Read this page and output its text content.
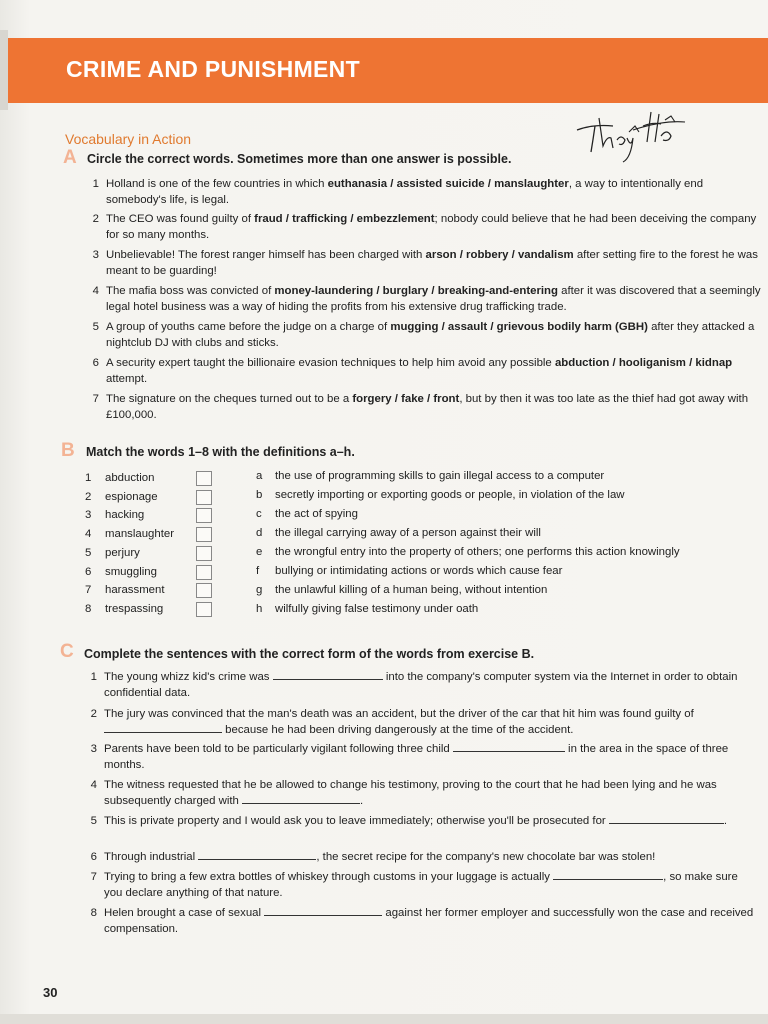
CRIME AND PUNISHMENT
Vocabulary in Action
A Circle the correct words. Sometimes more than one answer is possible.
1 Holland is one of the few countries in which euthanasia / assisted suicide / manslaughter, a way to intentionally end somebody's life, is legal.
2 The CEO was found guilty of fraud / trafficking / embezzlement; nobody could believe that he had been deceiving the company for so many months.
3 Unbelievable! The forest ranger himself has been charged with arson / robbery / vandalism after setting fire to the forest he was meant to be guarding!
4 The mafia boss was convicted of money-laundering / burglary / breaking-and-entering after it was discovered that a seemingly legal hotel business was a way of hiding the profits from his extensive drug trafficking trade.
5 A group of youths came before the judge on a charge of mugging / assault / grievous bodily harm (GBH) after they attacked a nightclub DJ with clubs and sticks.
6 A security expert taught the billionaire evasion techniques to help him avoid any possible abduction / hooliganism / kidnap attempt.
7 The signature on the cheques turned out to be a forgery / fake / front, but by then it was too late as the thief had got away with £100,000.
B Match the words 1–8 with the definitions a–h.
1	abduction
2	espionage
3	hacking
4	manslaughter
5	perjury
6	smuggling
7	harassment
8	trespassing
a	the use of programming skills to gain illegal access to a computer
b	secretly importing or exporting goods or people, in violation of the law
c	the act of spying
d	the illegal carrying away of a person against their will
e	the wrongful entry into the property of others; one performs this action knowingly
f	bullying or intimidating actions or words which cause fear
g	the unlawful killing of a human being, without intention
h	wilfully giving false testimony under oath
C Complete the sentences with the correct form of the words from exercise B.
1 The young whizz kid's crime was	into the company's computer system via the Internet in order to obtain confidential data.
2 The jury was convinced that the man's death was an accident, but the driver of the car that hit him was found guilty of  because he had been driving dangerously at the time of the accident.
3 Parents have been told to be particularly vigilant following three child	in the area in the space of three months.
4 The witness requested that he be allowed to change his testimony, proving to the court that he had been lying and he was subsequently charged with	.
5 This is private property and I would ask you to leave immediately; otherwise you'll be prosecuted for	.
6 Through industrial	, the secret recipe for the company's new chocolate bar was stolen!
7 Trying to bring a few extra bottles of whiskey through customs in your luggage is actually	, so make sure you declare anything of that nature.
8 Helen brought a case of sexual	against her former employer and successfully won the case and received compensation.
30
